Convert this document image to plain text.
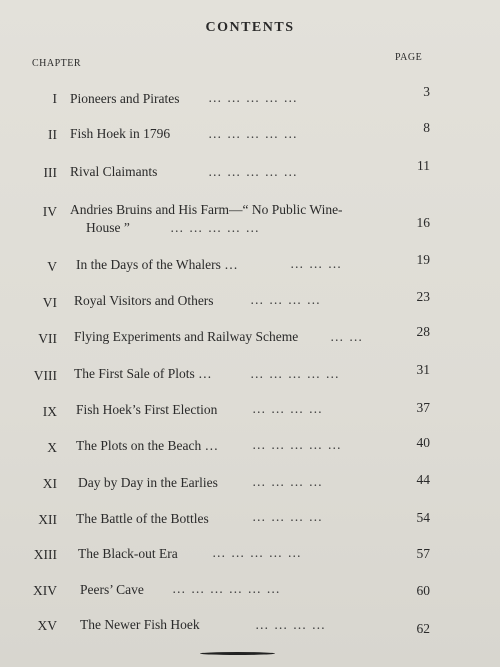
CONTENTS
CHAPTER
PAGE
I Pioneers and Pirates … … … … …	3
II Fish Hoek in 1796	… … … … …	8
III Rival Claimants	… … … … …	11
IV Andries Bruins and His Farm—“ No Public Wine-
House ”	… … … … …	16
V In the Days of the Whalers …	… … …	19
VI Royal Visitors and Others	… … … …	23
VII Flying Experiments and Railway Scheme … …	28
VIII The First Sale of Plots …	… … … … …	31
IX Fish Hoek’s First Election	… … … …	37
X The Plots on the Beach …	… … … … …	40
XI Day by Day in the Earlies	… … … …	44
XII The Battle of the Bottles	… … … …	54
XIII The Black-out Era	… … … … …	57
XIV Peers’ Cave … … … … … …	60
XV The Newer Fish Hoek	… … … …	62
